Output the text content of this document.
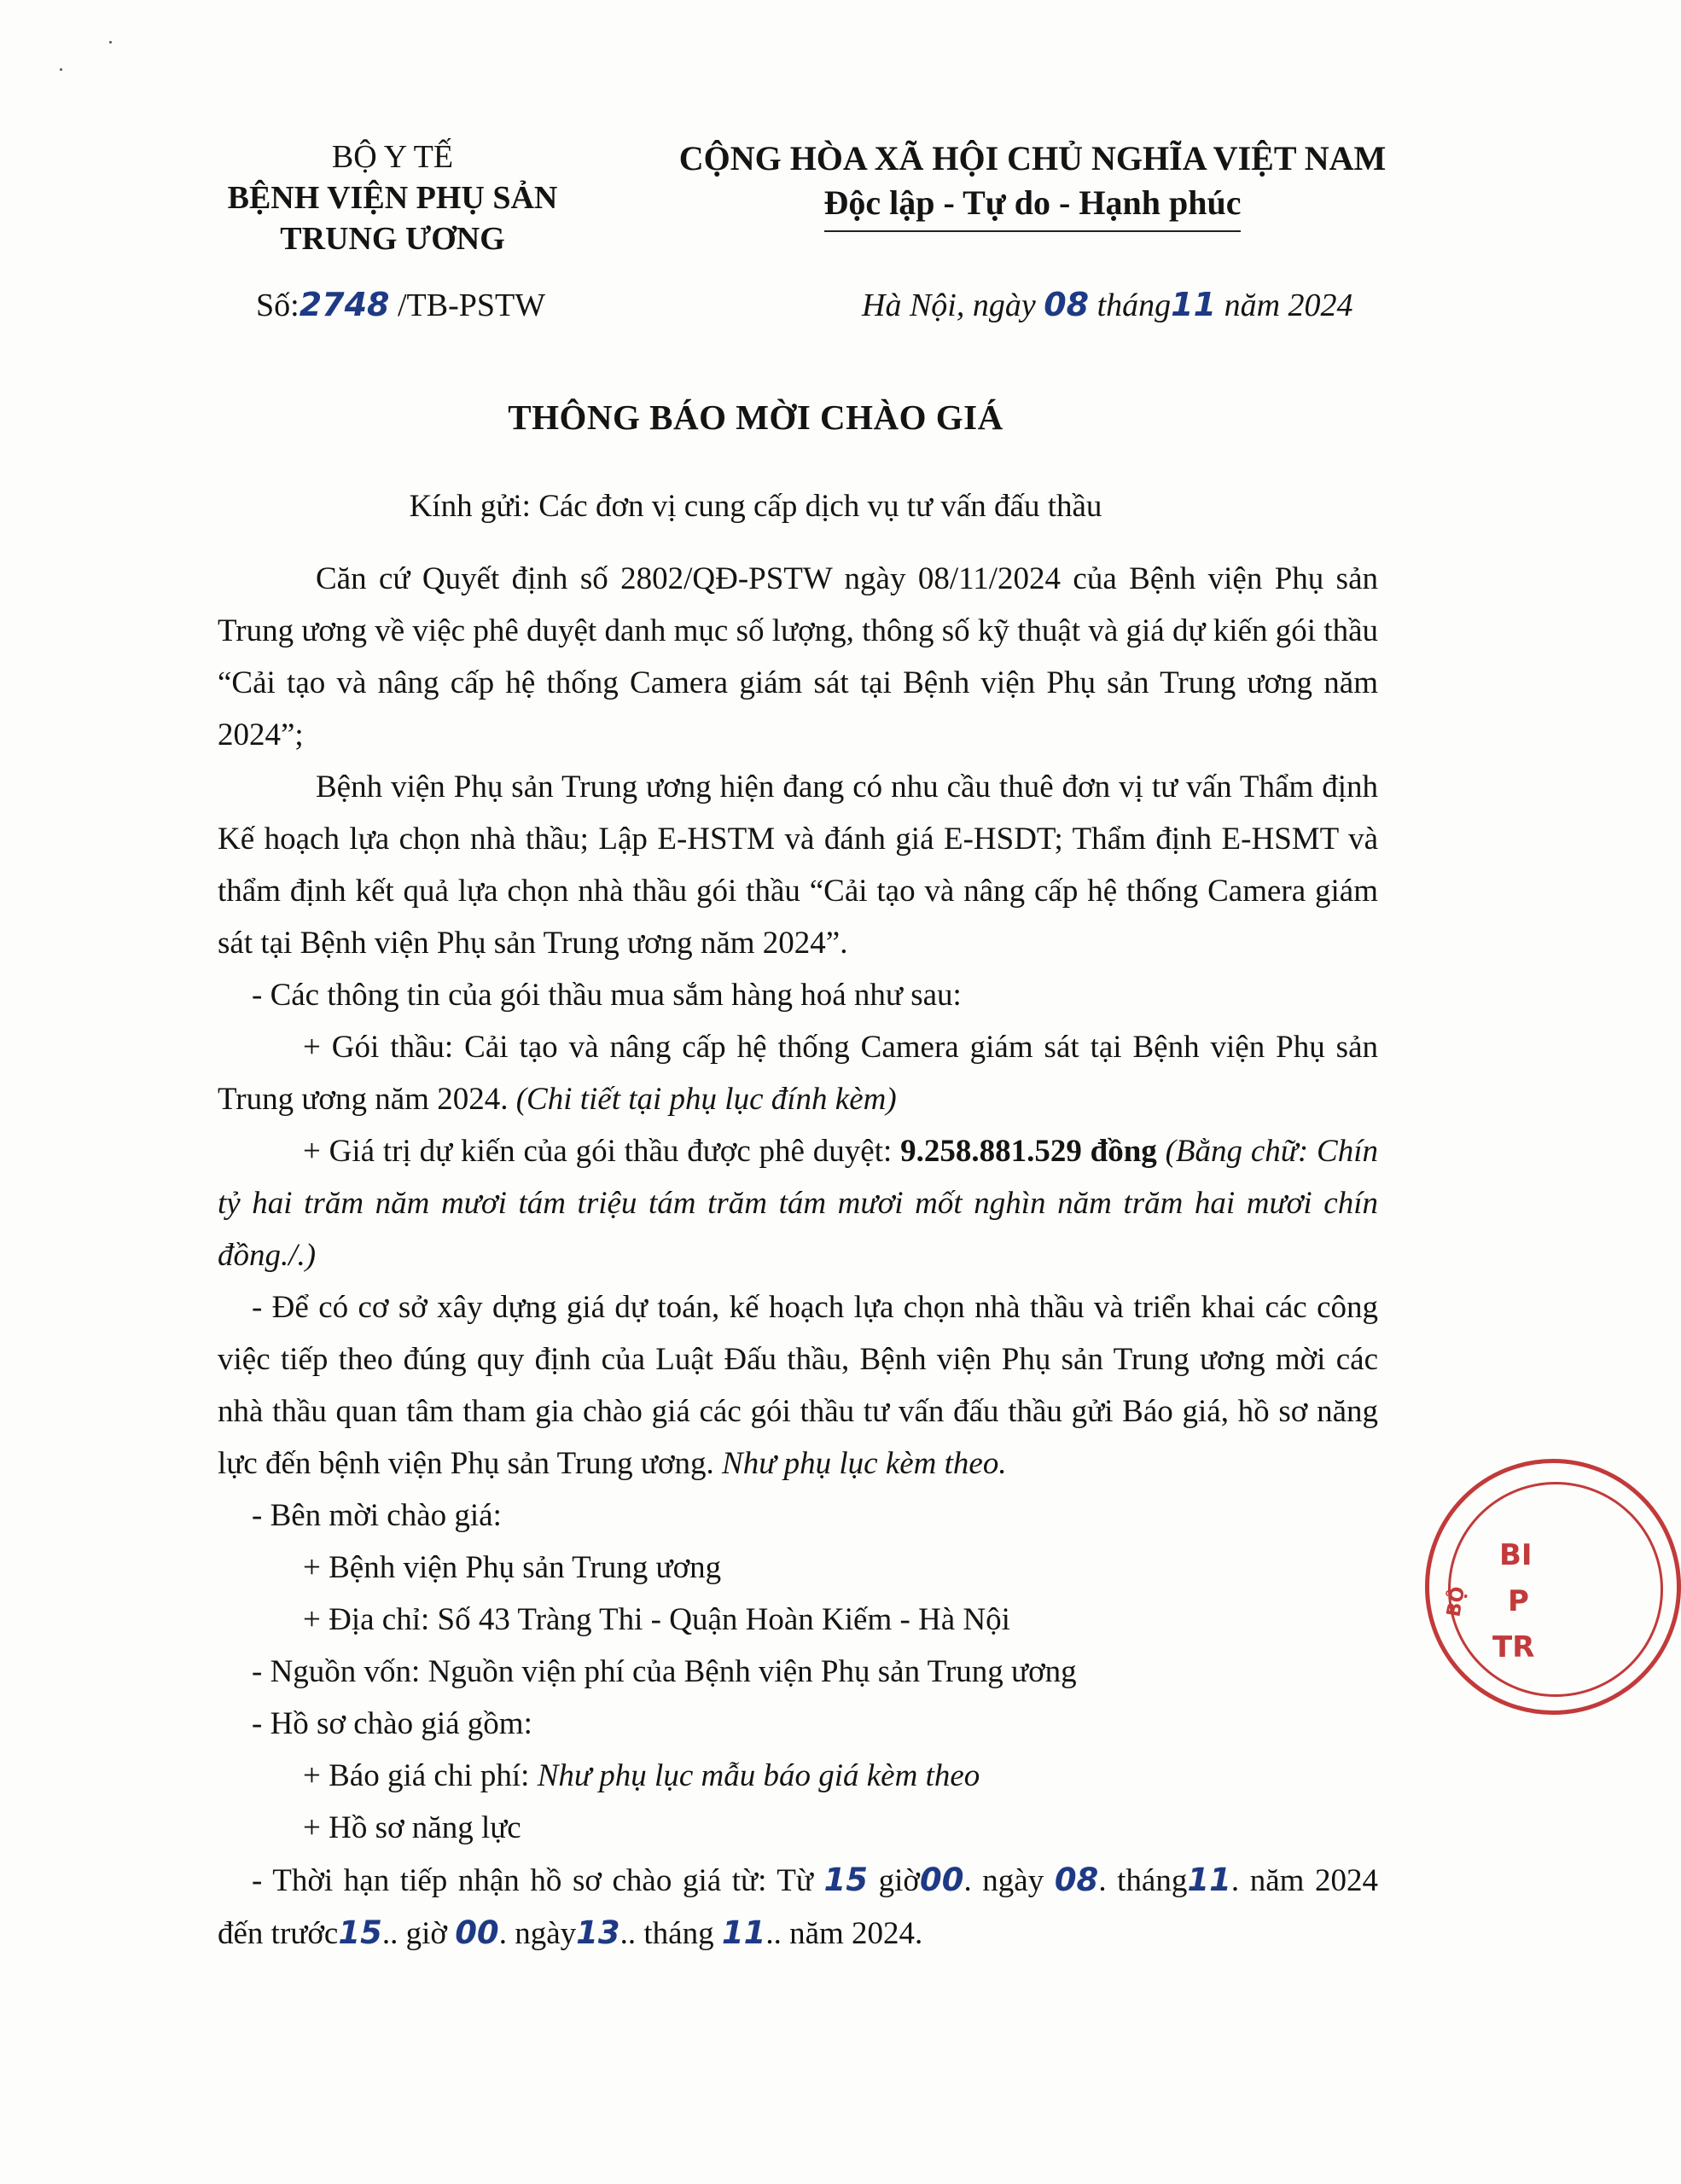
BỘ Y TẾ
BỆNH VIỆN PHỤ SẢN
TRUNG ƯƠNG
CỘNG HÒA XÃ HỘI CHỦ NGHĨA VIỆT NAM
Độc lập - Tự do - Hạnh phúc
Số:2748 /TB-PSTW	Hà Nội, ngày 08 tháng11 năm 2024
THÔNG BÁO MỜI CHÀO GIÁ
Kính gửi: Các đơn vị cung cấp dịch vụ tư vấn đấu thầu

Căn cứ Quyết định số 2802/QĐ-PSTW ngày 08/11/2024 của Bệnh viện Phụ sản Trung ương về việc phê duyệt danh mục số lượng, thông số kỹ thuật và giá dự kiến gói thầu “Cải tạo và nâng cấp hệ thống Camera giám sát tại Bệnh viện Phụ sản Trung ương năm 2024”;

Bệnh viện Phụ sản Trung ương hiện đang có nhu cầu thuê đơn vị tư vấn Thẩm định Kế hoạch lựa chọn nhà thầu; Lập E-HSTM và đánh giá E-HSDT; Thẩm định E-HSMT và thẩm định kết quả lựa chọn nhà thầu gói thầu “Cải tạo và nâng cấp hệ thống Camera giám sát tại Bệnh viện Phụ sản Trung ương năm 2024”.

- Các thông tin của gói thầu mua sắm hàng hoá như sau:

+ Gói thầu: Cải tạo và nâng cấp hệ thống Camera giám sát tại Bệnh viện Phụ sản Trung ương năm 2024. (Chi tiết tại phụ lục đính kèm)

+ Giá trị dự kiến của gói thầu được phê duyệt: 9.258.881.529 đồng (Bằng chữ: Chín tỷ hai trăm năm mươi tám triệu tám trăm tám mươi mốt nghìn năm trăm hai mươi chín đồng./.)

- Để có cơ sở xây dựng giá dự toán, kế hoạch lựa chọn nhà thầu và triển khai các công việc tiếp theo đúng quy định của Luật Đấu thầu, Bệnh viện Phụ sản Trung ương mời các nhà thầu quan tâm tham gia chào giá các gói thầu tư vấn đấu thầu gửi Báo giá, hồ sơ năng lực đến bệnh viện Phụ sản Trung ương. Như phụ lục kèm theo.

- Bên mời chào giá:

+ Bệnh viện Phụ sản Trung ương

+ Địa chỉ: Số 43 Tràng Thi - Quận Hoàn Kiếm - Hà Nội

- Nguồn vốn: Nguồn viện phí của Bệnh viện Phụ sản Trung ương

- Hồ sơ chào giá gồm:

+ Báo giá chi phí: Như phụ lục mẫu báo giá kèm theo

+ Hồ sơ năng lực

- Thời hạn tiếp nhận hồ sơ chào giá từ: Từ 15 giờ00. ngày 08. tháng11. năm 2024 đến trước15.. giờ 00. ngày13.. tháng 11.. năm 2024.

BỘ
BI
P
TR
